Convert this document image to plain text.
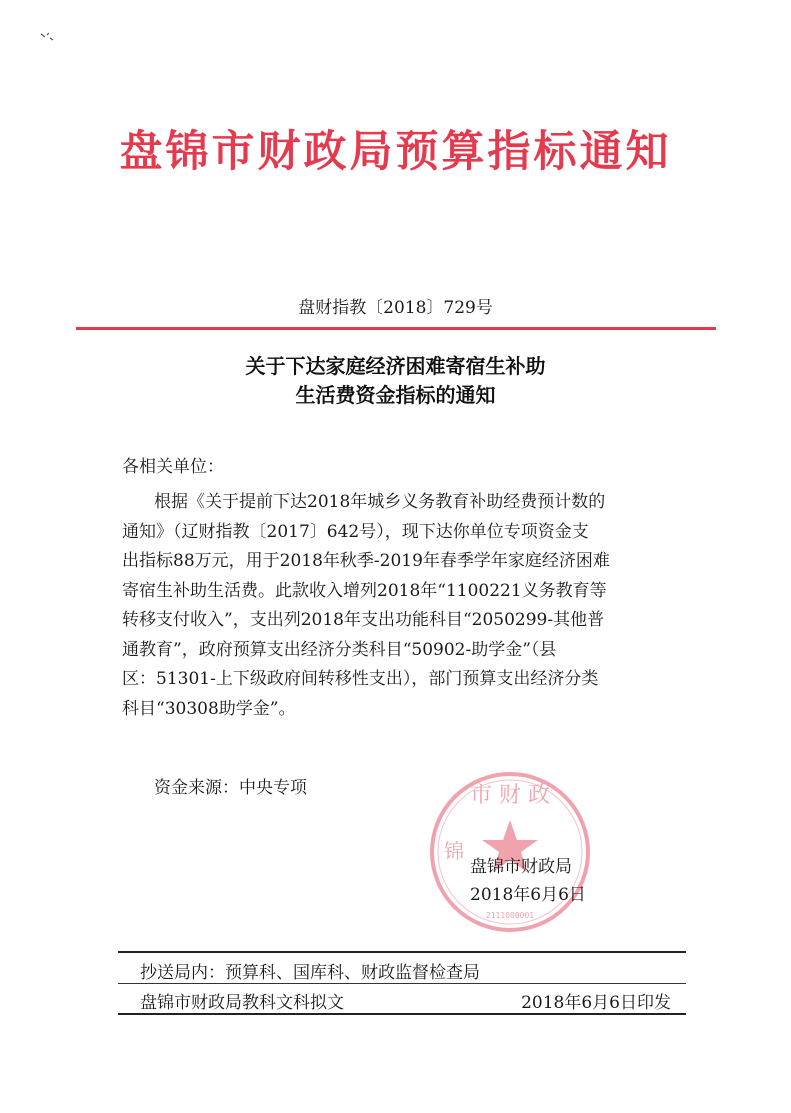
盘锦市财政局预算指标通知
盘财指教〔2018〕729号
关于下达家庭经济困难寄宿生补助
生活费资金指标的通知
各相关单位：
根据《关于提前下达2018年城乡义务教育补助经费预计数的
通知》（辽财指教〔2017〕642号），现下达你单位专项资金支
出指标88万元，用于2018年秋季-2019年春季学年家庭经济困难
寄宿生补助生活费。此款收入增列2018年“1100221义务教育等
转移支付收入”，支出列2018年支出功能科目“2050299-其他普
通教育”，政府预算支出经济分类科目“50902-助学金”（县
区：51301-上下级政府间转移性支出），部门预算支出经济分类
科目“30308助学金”。
资金来源：中央专项	市 财 政
锦
2111000001
盘锦市财政局
2018年6月6日
抄送局内：预算科、国库科、财政监督检查局
盘锦市财政局教科文科拟文	2018年6月6日印发
